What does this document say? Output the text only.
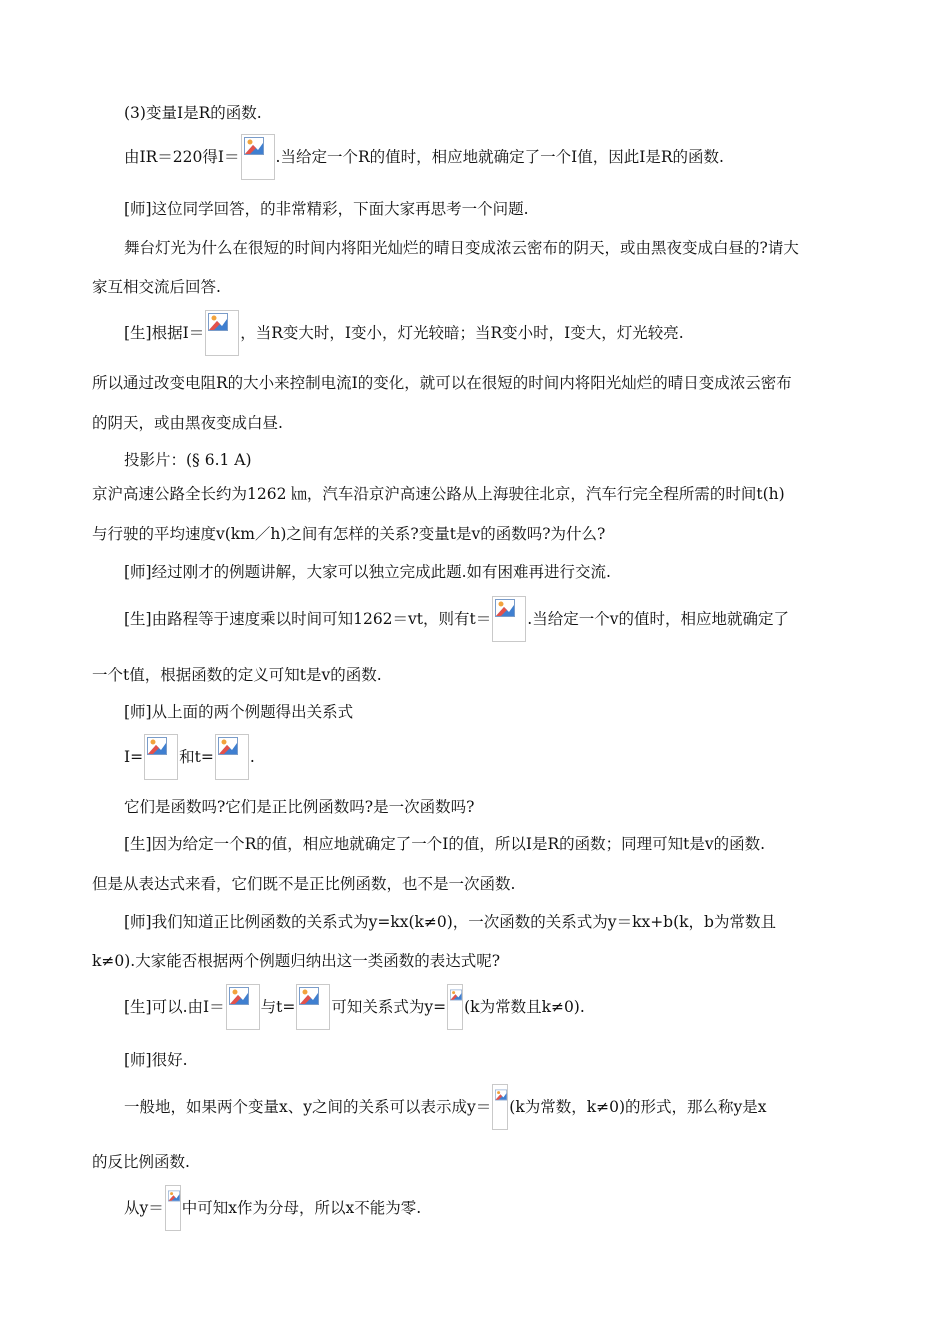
(3)变量Ⅰ是R的函数.
由IR＝220得Ⅰ＝ .当给定一个R的值时，相应地就确定了一个Ⅰ值，因此Ⅰ是R的函数.
[师]这位同学回答，的非常精彩，下面大家再思考一个问题.
舞台灯光为什么在很短的时间内将阳光灿烂的晴日变成浓云密布的阴天，或由黑夜变成白昼的?请大
家互相交流后回答.
[生]根据Ⅰ＝ ，当R变大时，Ⅰ变小，灯光较暗；当R变小时，Ⅰ变大，灯光较亮.
所以通过改变电阻R的大小来控制电流Ⅰ的变化，就可以在很短的时间内将阳光灿烂的晴日变成浓云密布
的阴天，或由黑夜变成白昼.
投影片：(§ 6.1 A)
京沪高速公路全长约为1262 ㎞，汽车沿京沪高速公路从上海驶往北京，汽车行完全程所需的时间t(h)
与行驶的平均速度v(km／h)之间有怎样的关系?变量t是v的函数吗?为什么?
[师]经过刚才的例题讲解，大家可以独立完成此题.如有困难再进行交流.
[生]由路程等于速度乘以时间可知1262＝vt，则有t＝ .当给定一个v的值时，相应地就确定了
一个t值，根据函数的定义可知t是v的函数.
[师]从上面的两个例题得出关系式
I= 和t= .
它们是函数吗?它们是正比例函数吗?是一次函数吗?
[生]因为给定一个R的值，相应地就确定了一个Ⅰ的值，所以Ⅰ是R的函数；同理可知t是v的函数.
但是从表达式来看，它们既不是正比例函数，也不是一次函数.
[师]我们知道正比例函数的关系式为y=kx(k≠0)，一次函数的关系式为y＝kx+b(k，b为常数且
k≠0).大家能否根据两个例题归纳出这一类函数的表达式呢?
[生]可以.由Ⅰ＝ 与t= 可知关系式为y= (k为常数且k≠0).
[师]很好.
一般地，如果两个变量x、y之间的关系可以表示成y＝ (k为常数，k≠0)的形式，那么称y是x
的反比例函数.
从y＝ 中可知x作为分母，所以x不能为零.
